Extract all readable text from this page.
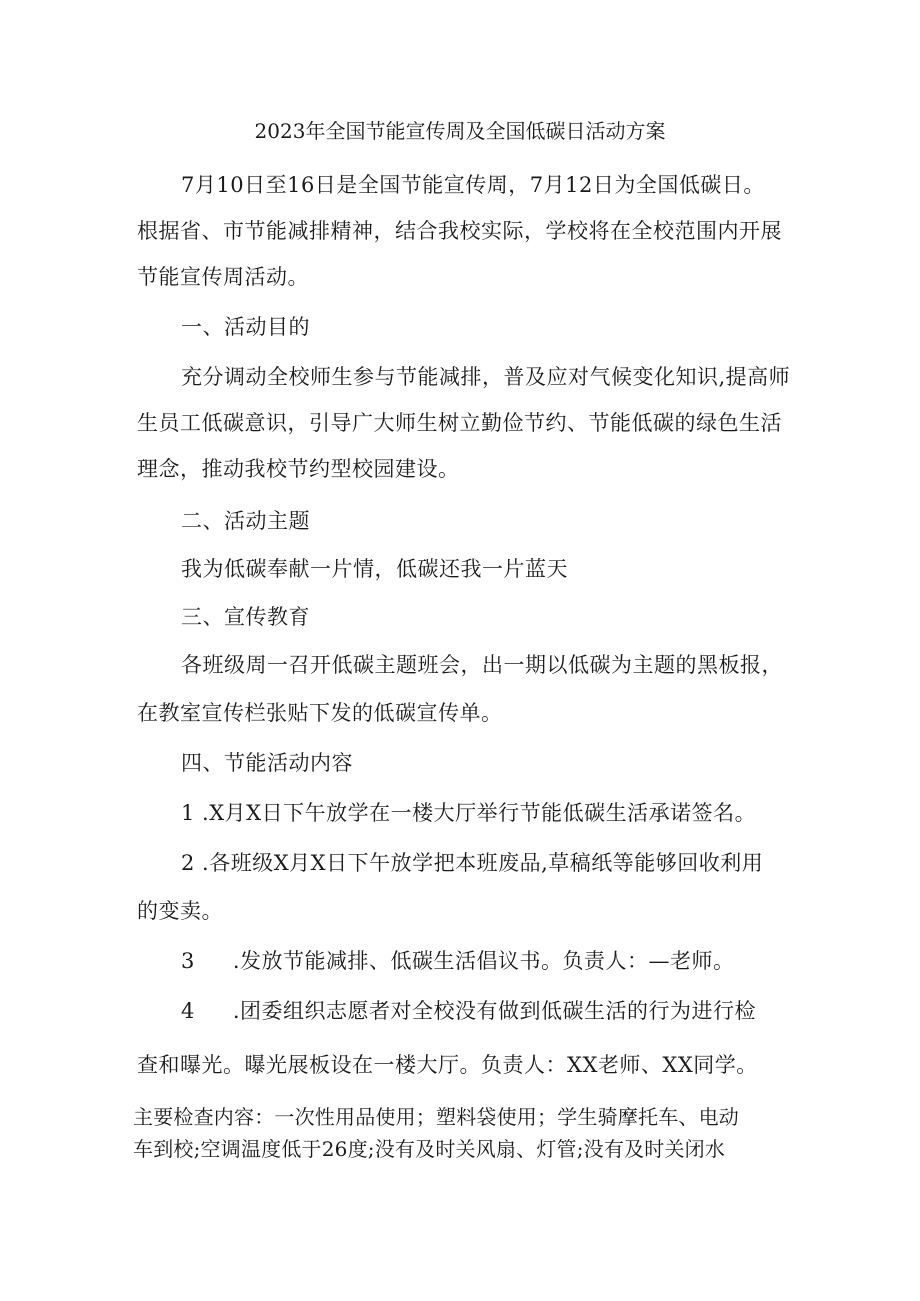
2023年全国节能宣传周及全国低碳日活动方案
7月10日至16日是全国节能宣传周，7月12日为全国低碳日。
根据省、市节能减排精神，结合我校实际，学校将在全校范围内开展
节能宣传周活动。
一、活动目的
充分调动全校师生参与节能减排，普及应对气候变化知识,提高师
生员工低碳意识，引导广大师生树立勤俭节约、节能低碳的绿色生活
理念，推动我校节约型校园建设。
二、活动主题
我为低碳奉献一片情，低碳还我一片蓝天
三、宣传教育
各班级周一召开低碳主题班会，出一期以低碳为主题的黑板报，
在教室宣传栏张贴下发的低碳宣传单。
四、节能活动内容
1 .X月X日下午放学在一楼大厅举行节能低碳生活承诺签名。
2 .各班级X月X日下午放学把本班废品,草稿纸等能够回收利用
的变卖。
3 .发放节能减排、低碳生活倡议书。负责人：—老师。
4 .团委组织志愿者对全校没有做到低碳生活的行为进行检
查和曝光。曝光展板设在一楼大厅。负责人：XX老师、XX同学。
主要检查内容：一次性用品使用；塑料袋使用；学生骑摩托车、电动
车到校;空调温度低于26度;没有及时关风扇、灯管;没有及时关闭水
